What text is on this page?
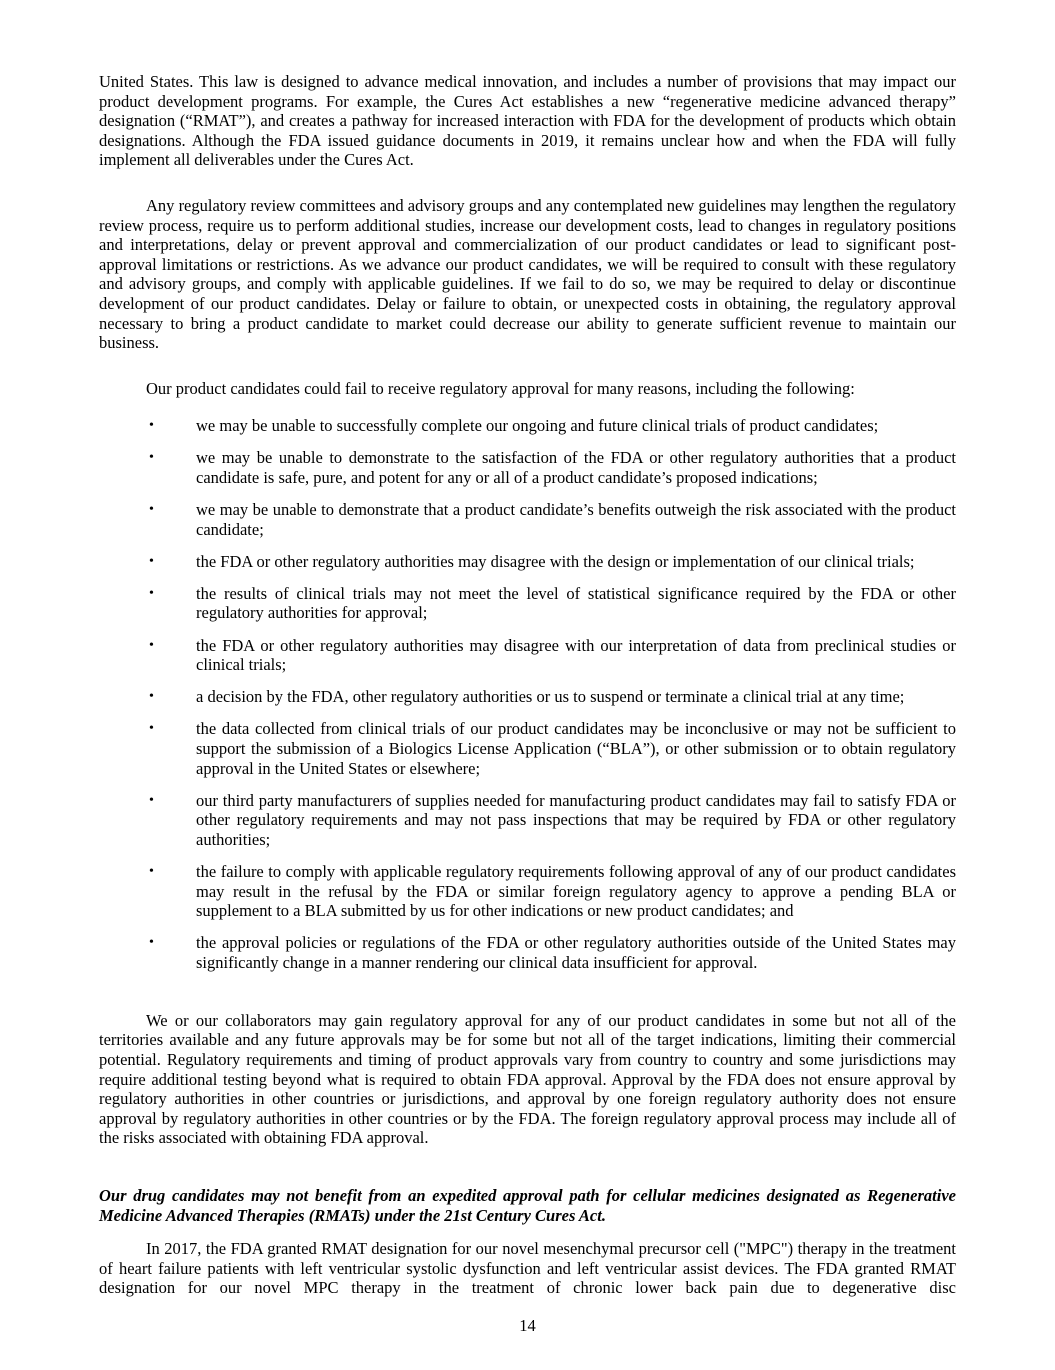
United States. This law is designed to advance medical innovation, and includes a number of provisions that may impact our product development programs. For example, the Cures Act establishes a new “regenerative medicine advanced therapy” designation (“RMAT”), and creates a pathway for increased interaction with FDA for the development of products which obtain designations. Although the FDA issued guidance documents in 2019, it remains unclear how and when the FDA will fully implement all deliverables under the Cures Act.

Any regulatory review committees and advisory groups and any contemplated new guidelines may lengthen the regulatory review process, require us to perform additional studies, increase our development costs, lead to changes in regulatory positions and interpretations, delay or prevent approval and commercialization of our product candidates or lead to significant post-approval limitations or restrictions. As we advance our product candidates, we will be required to consult with these regulatory and advisory groups, and comply with applicable guidelines. If we fail to do so, we may be required to delay or discontinue development of our product candidates. Delay or failure to obtain, or unexpected costs in obtaining, the regulatory approval necessary to bring a product candidate to market could decrease our ability to generate sufficient revenue to maintain our business.

Our product candidates could fail to receive regulatory approval for many reasons, including the following:

•	we may be unable to successfully complete our ongoing and future clinical trials of product candidates;
•	we may be unable to demonstrate to the satisfaction of the FDA or other regulatory authorities that a product candidate is safe, pure, and potent for any or all of a product candidate’s proposed indications;
•	we may be unable to demonstrate that a product candidate’s benefits outweigh the risk associated with the product candidate;
•	the FDA or other regulatory authorities may disagree with the design or implementation of our clinical trials;
•	the results of clinical trials may not meet the level of statistical significance required by the FDA or other regulatory authorities for approval;
•	the FDA or other regulatory authorities may disagree with our interpretation of data from preclinical studies or clinical trials;
•	a decision by the FDA, other regulatory authorities or us to suspend or terminate a clinical trial at any time;
•	the data collected from clinical trials of our product candidates may be inconclusive or may not be sufficient to support the submission of a Biologics License Application (“BLA”), or other submission or to obtain regulatory approval in the United States or elsewhere;
•	our third party manufacturers of supplies needed for manufacturing product candidates may fail to satisfy FDA or other regulatory requirements and may not pass inspections that may be required by FDA or other regulatory authorities;
•	the failure to comply with applicable regulatory requirements following approval of any of our product candidates may result in the refusal by the FDA or similar foreign regulatory agency to approve a pending BLA or supplement to a BLA submitted by us for other indications or new product candidates; and
•	the approval policies or regulations of the FDA or other regulatory authorities outside of the United States may significantly change in a manner rendering our clinical data insufficient for approval.

We or our collaborators may gain regulatory approval for any of our product candidates in some but not all of the territories available and any future approvals may be for some but not all of the target indications, limiting their commercial potential. Regulatory requirements and timing of product approvals vary from country to country and some jurisdictions may require additional testing beyond what is required to obtain FDA approval. Approval by the FDA does not ensure approval by regulatory authorities in other countries or jurisdictions, and approval by one foreign regulatory authority does not ensure approval by regulatory authorities in other countries or by the FDA. The foreign regulatory approval process may include all of the risks associated with obtaining FDA approval.

Our drug candidates may not benefit from an expedited approval path for cellular medicines designated as Regenerative Medicine Advanced Therapies (RMATs) under the 21st Century Cures Act.

In 2017, the FDA granted RMAT designation for our novel mesenchymal precursor cell ("MPC") therapy in the treatment of heart failure patients with left ventricular systolic dysfunction and left ventricular assist devices. The FDA granted RMAT designation for our novel MPC therapy in the treatment of chronic lower back pain due to degenerative disc

14
